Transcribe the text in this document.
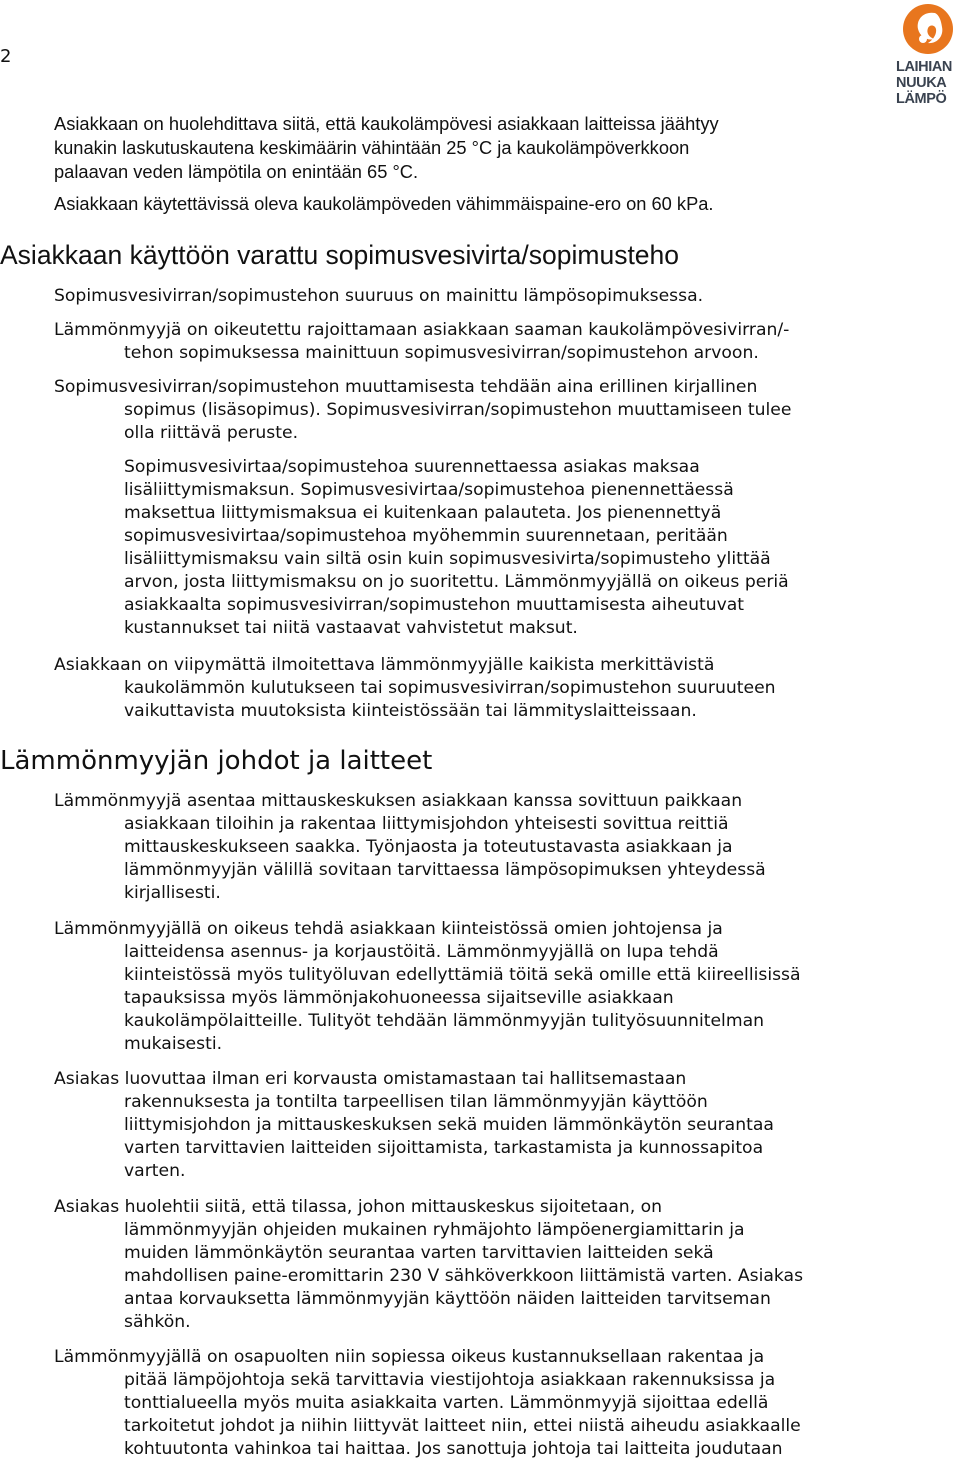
2	LAIHIAN
NUUKA
LÄMPÖ
Asiakkaan on huolehdittava siitä, että kaukolämpövesi asiakkaan laitteissa jäähtyy
kunakin laskutuskautena keskimäärin vähintään 25 °C ja kaukolämpöverkkoon
palaavan veden lämpötila on enintään 65 °C.
Asiakkaan käytettävissä oleva kaukolämpöveden vähimmäispaine-ero on 60 kPa.
Asiakkaan käyttöön varattu sopimusvesivirta/sopimusteho
Sopimusvesivirran/sopimustehon suuruus on mainittu lämpösopimuksessa.
Lämmönmyyjä on oikeutettu rajoittamaan asiakkaan saaman kaukolämpövesivirran/-
tehon sopimuksessa mainittuun sopimusvesivirran/sopimustehon arvoon.
Sopimusvesivirran/sopimustehon muuttamisesta tehdään aina erillinen kirjallinen
sopimus (lisäsopimus). Sopimusvesivirran/sopimustehon muuttamiseen tulee
olla riittävä peruste.
Sopimusvesivirtaa/sopimustehoa suurennettaessa asiakas maksaa
lisäliittymismaksun. Sopimusvesivirtaa/sopimustehoa pienennettäessä
maksettua liittymismaksua ei kuitenkaan palauteta. Jos pienennettyä
sopimusvesivirtaa/sopimustehoa myöhemmin suurennetaan, peritään
lisäliittymismaksu vain siltä osin kuin sopimusvesivirta/sopimusteho ylittää
arvon, josta liittymismaksu on jo suoritettu. Lämmönmyyjällä on oikeus periä
asiakkaalta sopimusvesivirran/sopimustehon muuttamisesta aiheutuvat
kustannukset tai niitä vastaavat vahvistetut maksut.
Asiakkaan on viipymättä ilmoitettava lämmönmyyjälle kaikista merkittävistä
kaukolämmön kulutukseen tai sopimusvesivirran/sopimustehon suuruuteen
vaikuttavista muutoksista kiinteistössään tai lämmityslaitteissaan.
Lämmönmyyjän johdot ja laitteet
Lämmönmyyjä asentaa mittauskeskuksen asiakkaan kanssa sovittuun paikkaan
asiakkaan tiloihin ja rakentaa liittymisjohdon yhteisesti sovittua reittiä
mittauskeskukseen saakka. Työnjaosta ja toteutustavasta asiakkaan ja
lämmönmyyjän välillä sovitaan tarvittaessa lämpösopimuksen yhteydessä
kirjallisesti.
Lämmönmyyjällä on oikeus tehdä asiakkaan kiinteistössä omien johtojensa ja
laitteidensa asennus- ja korjaustöitä. Lämmönmyyjällä on lupa tehdä
kiinteistössä myös tulityöluvan edellyttämiä töitä sekä omille että kiireellisissä
tapauksissa myös lämmönjakohuoneessa sijaitseville asiakkaan
kaukolämpölaitteille. Tulityöt tehdään lämmönmyyjän tulityösuunnitelman
mukaisesti.
Asiakas luovuttaa ilman eri korvausta omistamastaan tai hallitsemastaan
rakennuksesta ja tontilta tarpeellisen tilan lämmönmyyjän käyttöön
liittymisjohdon ja mittauskeskuksen sekä muiden lämmönkäytön seurantaa
varten tarvittavien laitteiden sijoittamista, tarkastamista ja kunnossapitoa
varten.
Asiakas huolehtii siitä, että tilassa, johon mittauskeskus sijoitetaan, on
lämmönmyyjän ohjeiden mukainen ryhmäjohto lämpöenergiamittarin ja
muiden lämmönkäytön seurantaa varten tarvittavien laitteiden sekä
mahdollisen paine-eromittarin 230 V sähköverkkoon liittämistä varten. Asiakas
antaa korvauksetta lämmönmyyjän käyttöön näiden laitteiden tarvitseman
sähkön.
Lämmönmyyjällä on osapuolten niin sopiessa oikeus kustannuksellaan rakentaa ja
pitää lämpöjohtoja sekä tarvittavia viestijohtoja asiakkaan rakennuksissa ja
tonttialueella myös muita asiakkaita varten. Lämmönmyyjä sijoittaa edellä
tarkoitetut johdot ja niihin liittyvät laitteet niin, ettei niistä aiheudu asiakkaalle
kohtuutonta vahinkoa tai haittaa. Jos sanottuja johtoja tai laitteita joudutaan
